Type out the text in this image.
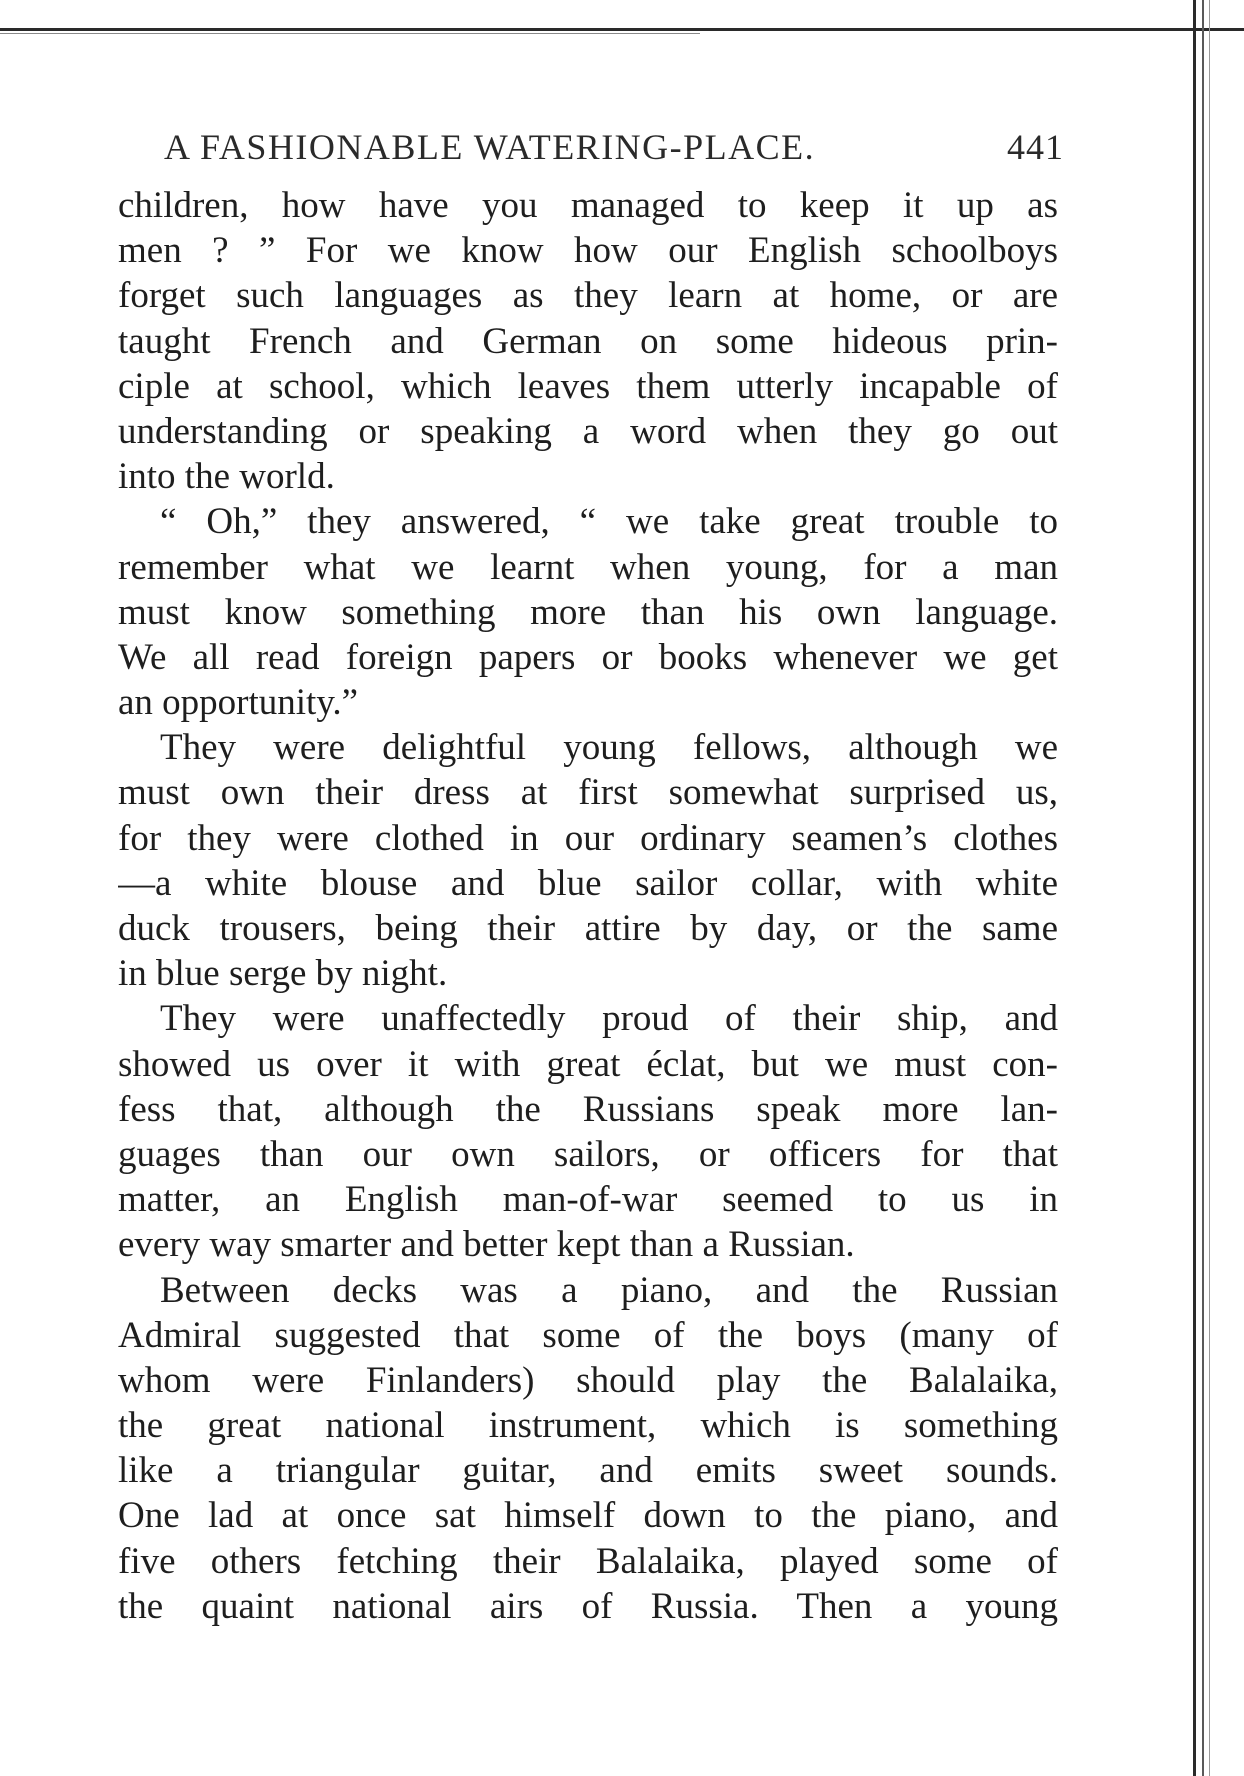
A FASHIONABLE WATERING-PLACE.	441
children, how have you managed to keep it up as
men ? ” For we know how our English schoolboys
forget such languages as they learn at home, or are
taught French and German on some hideous prin-
ciple at school, which leaves them utterly incapable of
understanding or speaking a word when they go out
into the world.
“ Oh,” they answered, “ we take great trouble to
remember what we learnt when young, for a man
must know something more than his own language.
We all read foreign papers or books whenever we get
an opportunity.”
They were delightful young fellows, although we
must own their dress at first somewhat surprised us,
for they were clothed in our ordinary seamen’s clothes
—a white blouse and blue sailor collar, with white
duck trousers, being their attire by day, or the same
in blue serge by night.
They were unaffectedly proud of their ship, and
showed us over it with great éclat, but we must con-
fess that, although the Russians speak more lan-
guages than our own sailors, or officers for that
matter, an English man-of-war seemed to us in
every way smarter and better kept than a Russian.
Between decks was a piano, and the Russian
Admiral suggested that some of the boys (many of
whom were Finlanders) should play the Balalaika,
the great national instrument, which is something
like a triangular guitar, and emits sweet sounds.
One lad at once sat himself down to the piano, and
five others fetching their Balalaika, played some of
the quaint national airs of Russia. Then a young
